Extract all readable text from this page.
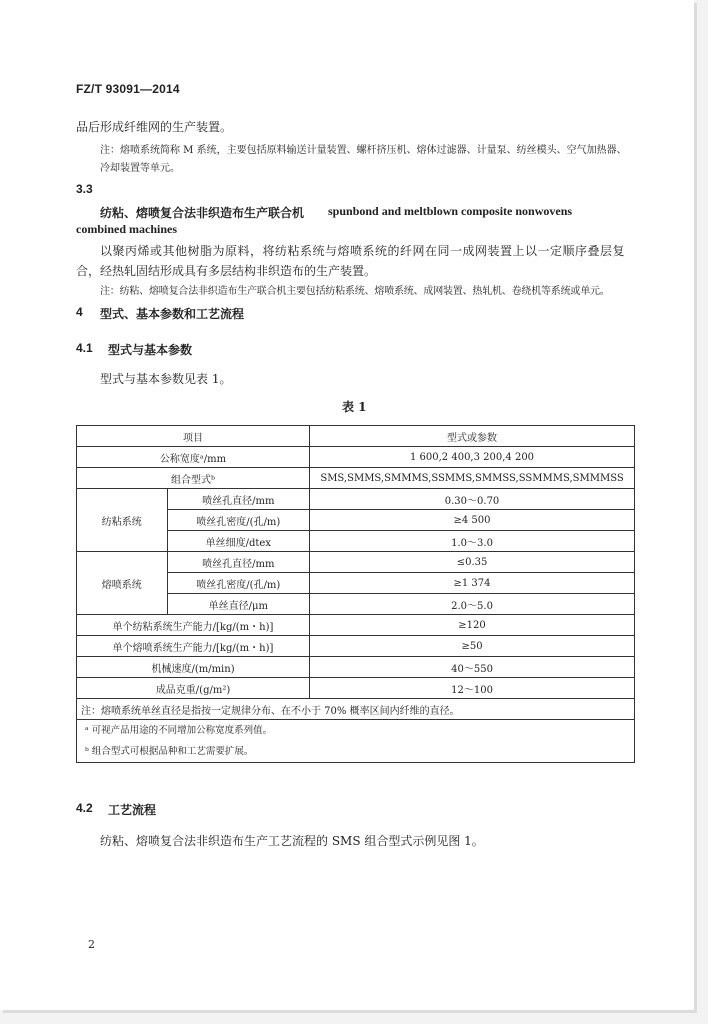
FZ/T 93091—2014
品后形成纤维网的生产装置。
注：熔喷系统简称 M 系统，主要包括原料输送计量装置、螺杆挤压机、熔体过滤器、计量泵、纺丝模头、空气加热器、
冷却装置等单元。
3.3
纺粘、熔喷复合法非织造布生产联合机 spunbond and meltblown composite nonwovens
combined machines
以聚丙烯或其他树脂为原料，将纺粘系统与熔喷系统的纤网在同一成网装置上以一定顺序叠层复
合，经热轧固结形成具有多层结构非织造布的生产装置。
注：纺粘、熔喷复合法非织造布生产联合机主要包括纺粘系统、熔喷系统、成网装置、热轧机、卷绕机等系统或单元。
4 型式、基本参数和工艺流程
4.1 型式与基本参数
型式与基本参数见表 1。
表 1
项目		型式或参数
公称宽度ᵃ/mm		1 600,2 400,3 200,4 200
组合型式ᵇ		SMS,SMMS,SMMMS,SSMMS,SMMSS,SSMMMS,SMMMSS
纺粘系统	喷丝孔直径/mm	0.30～0.70
	喷丝孔密度/(孔/m)	≥4 500
	单丝细度/dtex	1.0～3.0
熔喷系统	喷丝孔直径/mm	≤0.35
	喷丝孔密度/(孔/m)	≥1 374
	单丝直径/μm	2.0～5.0
单个纺粘系统生产能力/[kg/(m・h)]		≥120
单个熔喷系统生产能力/[kg/(m・h)]		≥50
机械速度/(m/min)		40～550
成品克重/(g/m²)		12～100
注：熔喷系统单丝直径是指按一定规律分布、在不小于 70% 概率区间内纤维的直径。		

ᵃ 可视产品用途的不同增加公称宽度系列值。
ᵇ 组合型式可根据品种和工艺需要扩展。		
4.2 工艺流程
纺粘、熔喷复合法非织造布生产工艺流程的 SMS 组合型式示例见图 1。
2
